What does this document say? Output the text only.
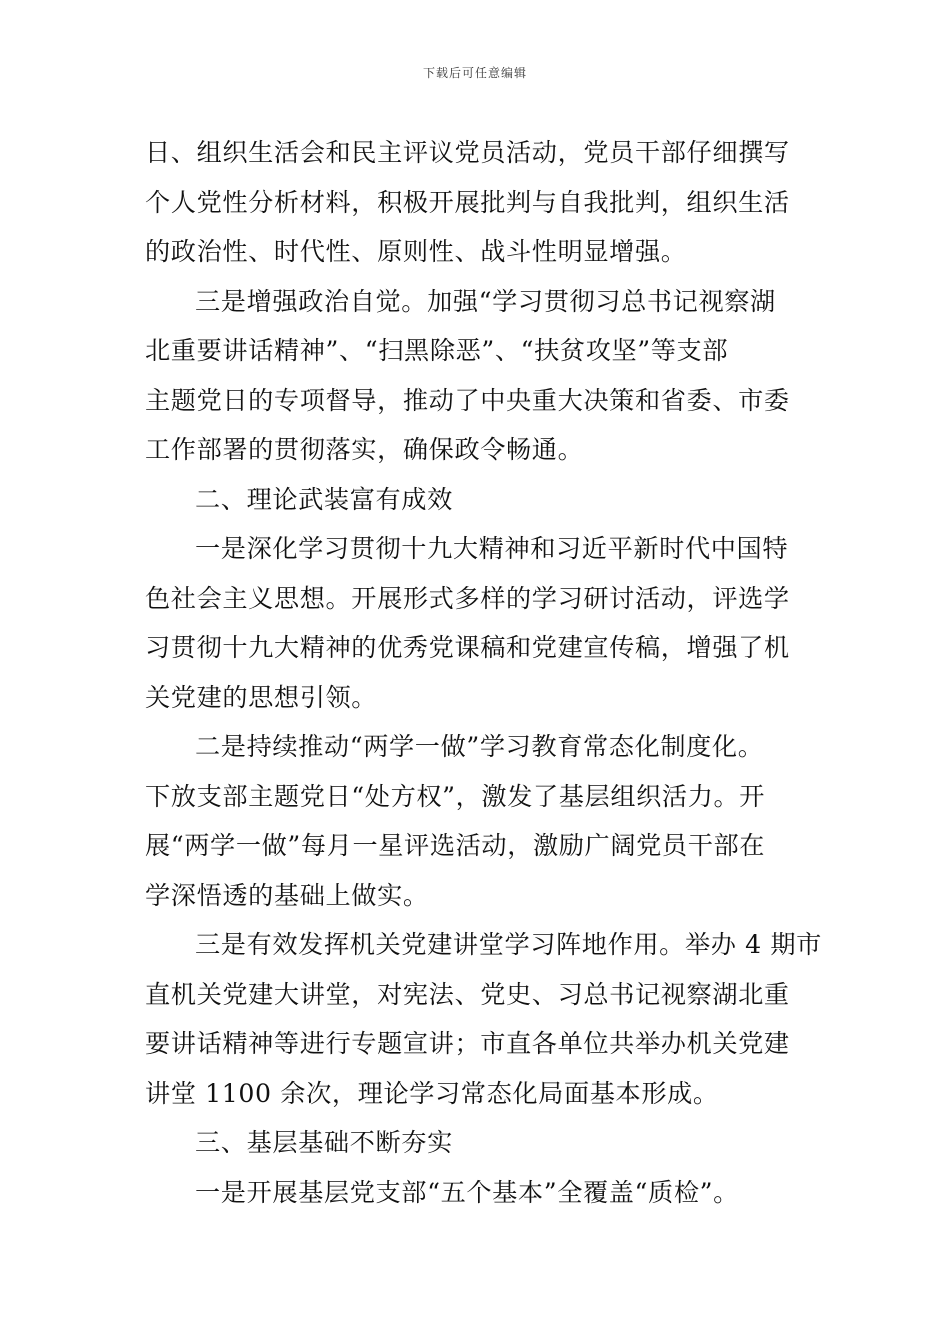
下载后可任意编辑
日、组织生活会和民主评议党员活动，党员干部仔细撰写
个人党性分析材料，积极开展批判与自我批判，组织生活
的政治性、时代性、原则性、战斗性明显增强。
三是增强政治自觉。加强“学习贯彻习总书记视察湖
北重要讲话精神”、“扫黑除恶”、“扶贫攻坚”等支部
主题党日的专项督导，推动了中央重大决策和省委、市委
工作部署的贯彻落实，确保政令畅通。
二、理论武装富有成效
一是深化学习贯彻十九大精神和习近平新时代中国特
色社会主义思想。开展形式多样的学习研讨活动，评选学
习贯彻十九大精神的优秀党课稿和党建宣传稿，增强了机
关党建的思想引领。
二是持续推动“两学一做”学习教育常态化制度化。
下放支部主题党日“处方权”，激发了基层组织活力。开
展“两学一做”每月一星评选活动，激励广阔党员干部在
学深悟透的基础上做实。
三是有效发挥机关党建讲堂学习阵地作用。举办 4 期市
直机关党建大讲堂，对宪法、党史、习总书记视察湖北重
要讲话精神等进行专题宣讲；市直各单位共举办机关党建
讲堂 1100 余次，理论学习常态化局面基本形成。
三、基层基础不断夯实
一是开展基层党支部“五个基本”全覆盖“质检”。
